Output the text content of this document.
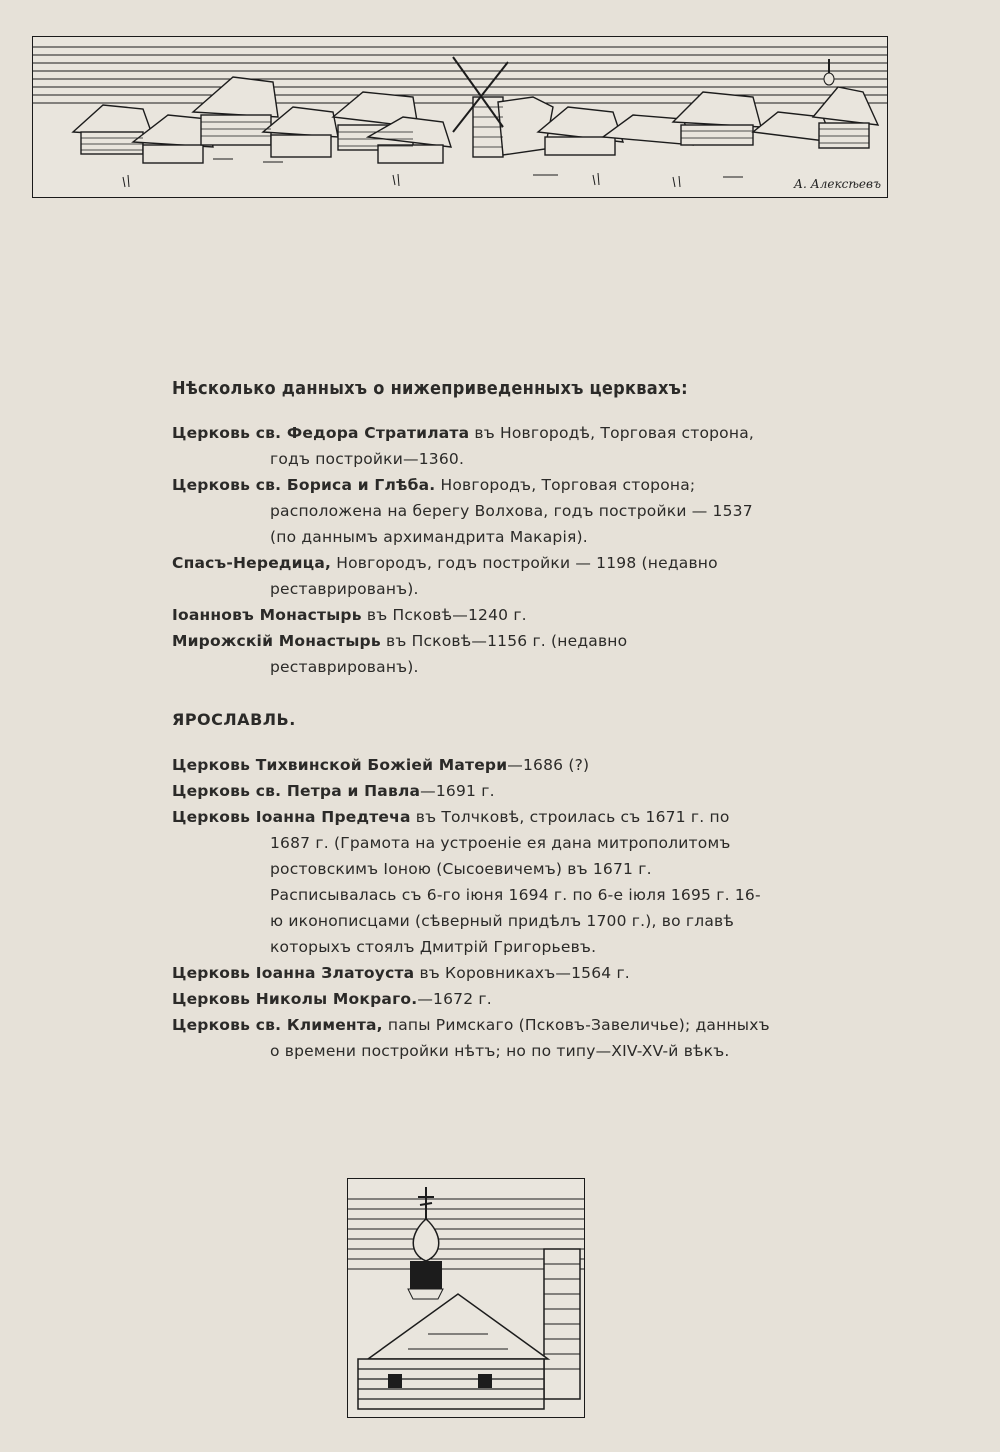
А. Алексѣевъ
Нѣсколько данныхъ о нижеприведенныхъ церквахъ:
Церковь св. Федора Стратилата въ Новгородѣ, Торговая сторона, годъ постройки—1360.
Церковь св. Бориса и Глѣба. Новгородъ, Торговая сторона; расположена на берегу Волхова, годъ постройки — 1537 (по даннымъ архимандрита Макарія).
Спасъ-Нередица, Новгородъ, годъ постройки — 1198 (недавно реставрированъ).
Іоанновъ Монастырь въ Псковѣ—1240 г.
Мирожскій Монастырь въ Псковѣ—1156 г. (недавно реставрированъ).
ЯРОСЛАВЛЬ.
Церковь Тихвинской Божіей Матери—1686 (?)
Церковь св. Петра и Павла—1691 г.
Церковь Іоанна Предтеча въ Толчковѣ, строилась съ 1671 г. по 1687 г. (Грамота на устроеніе ея дана митрополитомъ ростовскимъ Іоною (Сысоевичемъ) въ 1671 г. Расписывалась съ 6-го іюня 1694 г. по 6-е іюля 1695 г. 16-ю иконописцами (сѣверный придѣлъ 1700 г.), во главѣ которыхъ стоялъ Дмитрій Григорьевъ.
Церковь Іоанна Златоуста въ Коровникахъ—1564 г.
Церковь Николы Мокраго.—1672 г.
Церковь св. Климента, папы Римскаго (Псковъ-Завеличье); данныхъ о времени постройки нѣтъ; но по типу—XIV-XV-й вѣкъ.
